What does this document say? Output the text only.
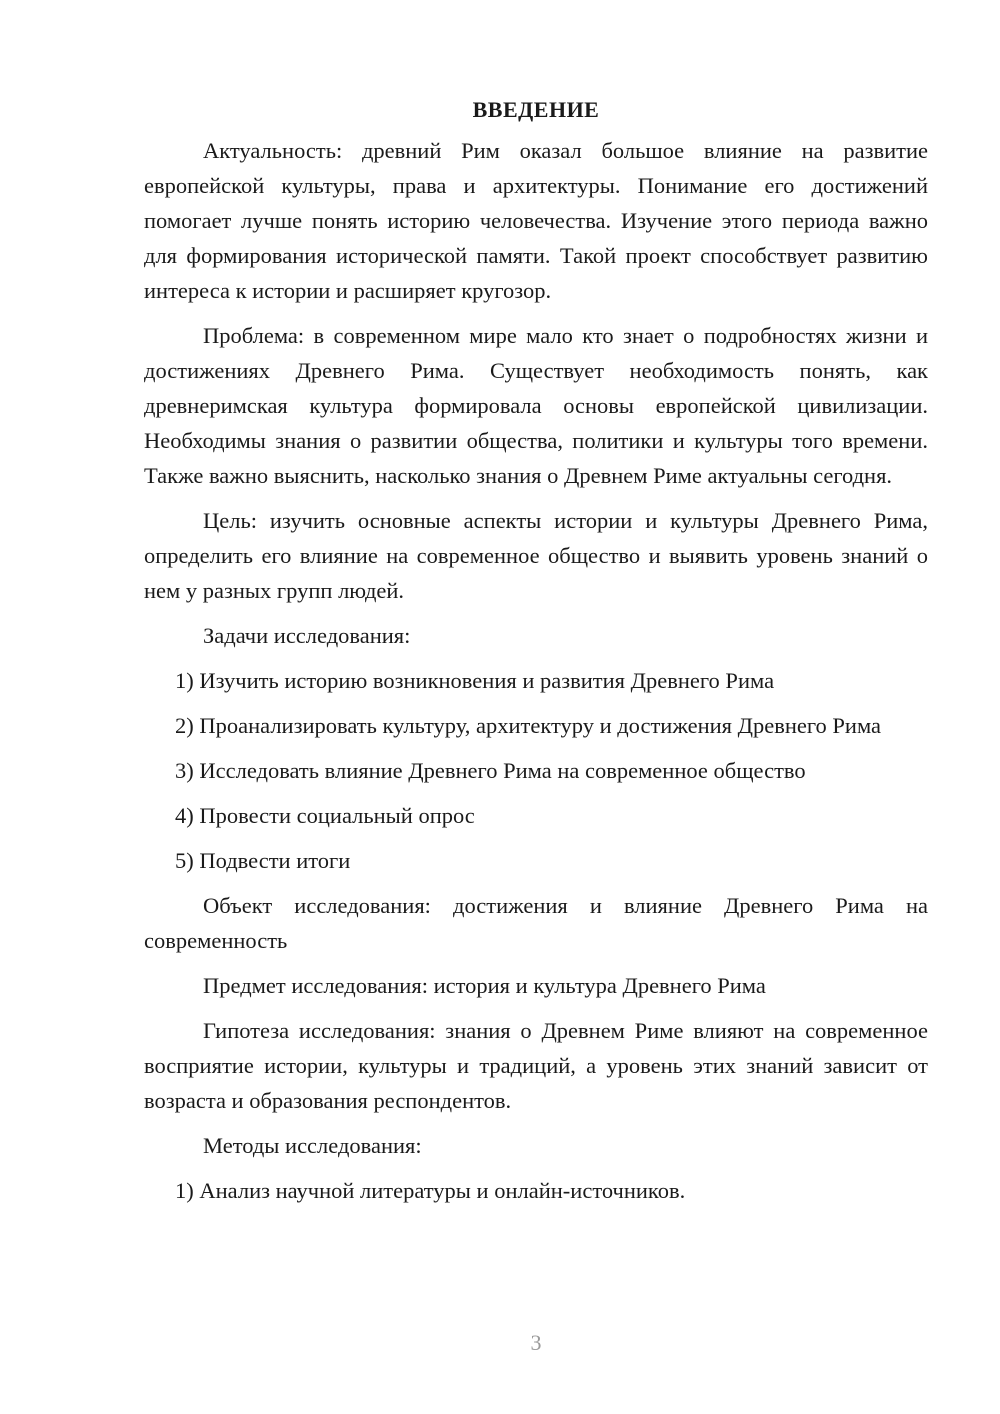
ВВЕДЕНИЕ

Актуальность: древний Рим оказал большое влияние на развитие европейской культуры, права и архитектуры. Понимание его достижений помогает лучше понять историю человечества. Изучение этого периода важно для формирования исторической памяти. Такой проект способствует развитию интереса к истории и расширяет кругозор.

Проблема: в современном мире мало кто знает о подробностях жизни и достижениях Древнего Рима. Существует необходимость понять, как древнеримская культура формировала основы европейской цивилизации. Необходимы знания о развитии общества, политики и культуры того времени. Также важно выяснить, насколько знания о Древнем Риме актуальны сегодня.

Цель: изучить основные аспекты истории и культуры Древнего Рима, определить его влияние на современное общество и выявить уровень знаний о нем у разных групп людей.

Задачи исследования:

1) Изучить историю возникновения и развития Древнего Рима

2) Проанализировать культуру, архитектуру и достижения Древнего Рима

3) Исследовать влияние Древнего Рима на современное общество

4) Провести социальный опрос

5) Подвести итоги

Объект исследования: достижения и влияние Древнего Рима на современность

Предмет исследования: история и культура Древнего Рима

Гипотеза исследования: знания о Древнем Риме влияют на современное восприятие истории, культуры и традиций, а уровень этих знаний зависит от возраста и образования респондентов.

Методы исследования:

1) Анализ научной литературы и онлайн-источников.

3
